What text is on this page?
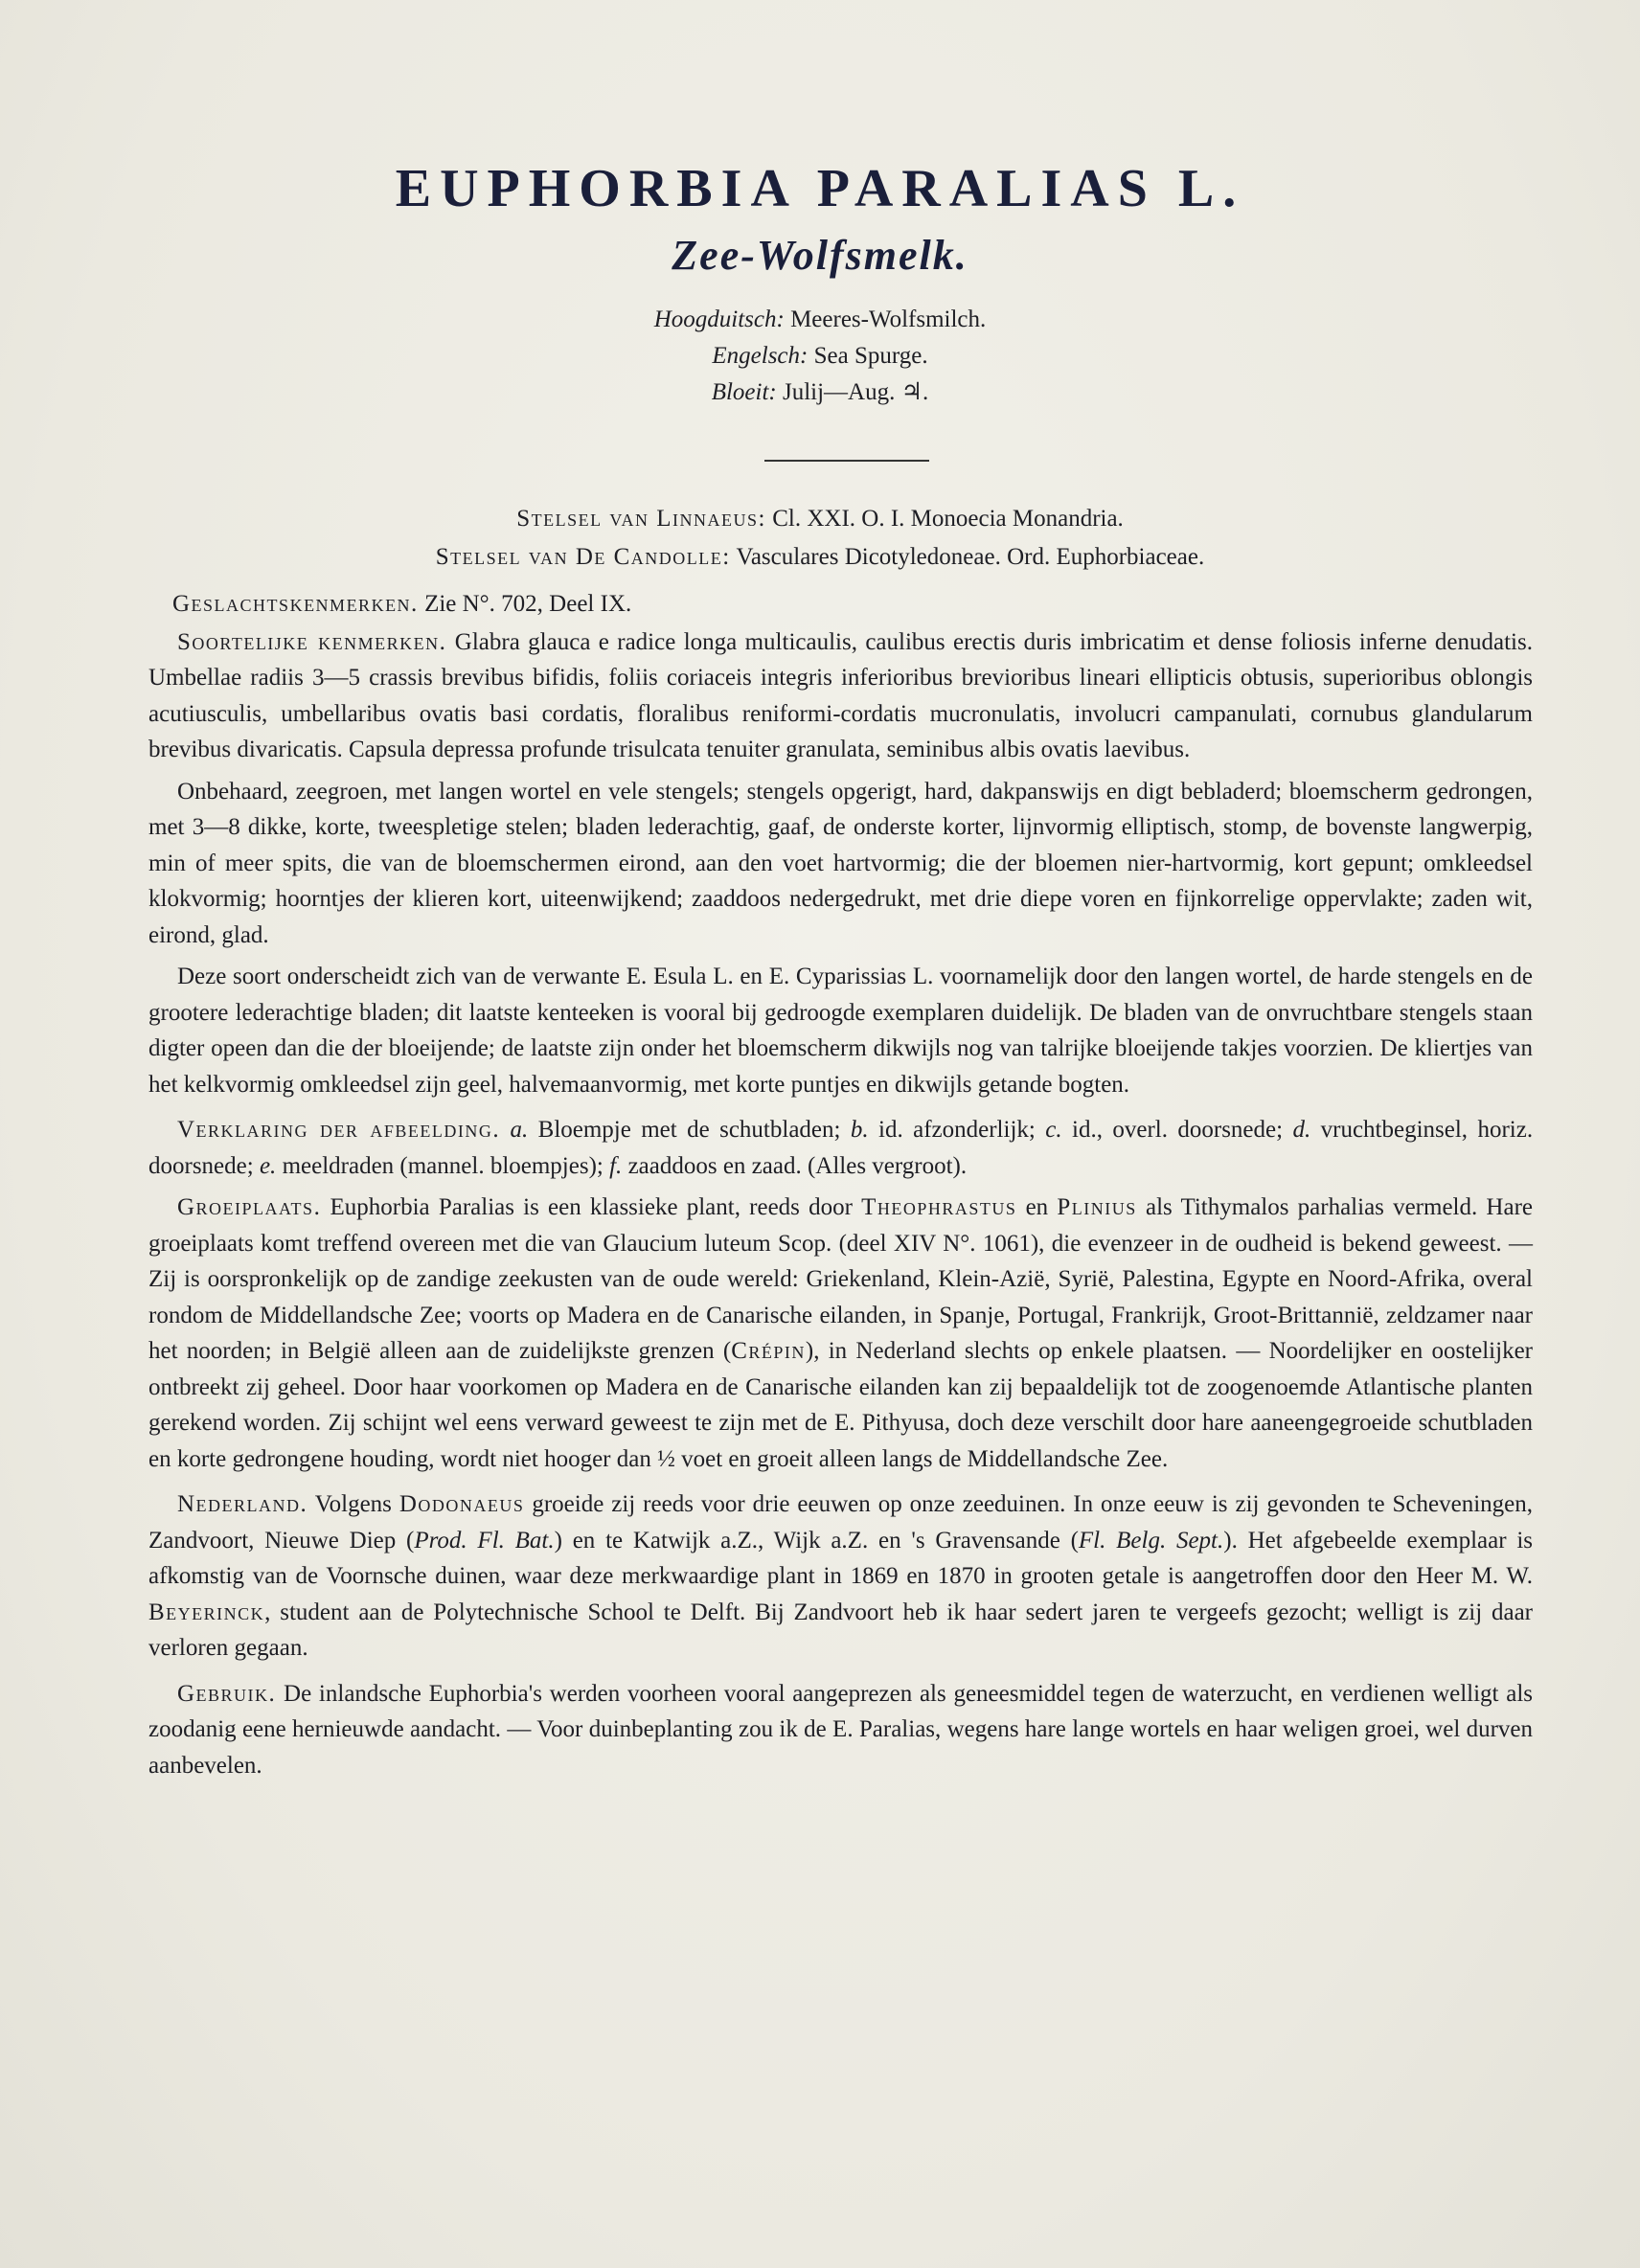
EUPHORBIA PARALIAS L.
Zee-Wolfsmelk.
Hoogduitsch: Meeres-Wolfsmilch.
Engelsch: Sea Spurge.
Bloeit: Julij—Aug. ♃.
Stelsel van Linnaeus: Cl. XXI. O. I. Monoecia Monandria.
Stelsel van De Candolle: Vasculares Dicotyledoneae. Ord. Euphorbiaceae.

Geslachtskenmerken. Zie N°. 702, Deel IX.

Soortelijke kenmerken. Glabra glauca e radice longa multicaulis, caulibus erectis duris imbricatim et dense foliosis inferne denudatis. Umbellae radiis 3—5 crassis brevibus bifidis, foliis coriaceis integris inferioribus brevioribus lineari ellipticis obtusis, superioribus oblongis acutiusculis, umbellaribus ovatis basi cordatis, floralibus reniformi-cordatis mucronulatis, involucri campanulati, cornubus glandularum brevibus divaricatis. Capsula depressa profunde trisulcata tenuiter granulata, seminibus albis ovatis laevibus.

Onbehaard, zeegroen, met langen wortel en vele stengels; stengels opgerigt, hard, dakpanswijs en digt bebladerd; bloemscherm gedrongen, met 3—8 dikke, korte, tweespletige stelen; bladen lederachtig, gaaf, de onderste korter, lijnvormig elliptisch, stomp, de bovenste langwerpig, min of meer spits, die van de bloemschermen eirond, aan den voet hartvormig; die der bloemen nier-hartvormig, kort gepunt; omkleedsel klokvormig; hoorntjes der klieren kort, uiteenwijkend; zaaddoos nedergedrukt, met drie diepe voren en fijnkorrelige oppervlakte; zaden wit, eirond, glad.

Deze soort onderscheidt zich van de verwante E. Esula L. en E. Cyparissias L. voornamelijk door den langen wortel, de harde stengels en de grootere lederachtige bladen; dit laatste kenteeken is vooral bij gedroogde exemplaren duidelijk. De bladen van de onvruchtbare stengels staan digter opeen dan die der bloeijende; de laatste zijn onder het bloemscherm dikwijls nog van talrijke bloeijende takjes voorzien. De kliertjes van het kelkvormig omkleedsel zijn geel, halvemaanvormig, met korte puntjes en dikwijls getande bogten.

Verklaring der afbeelding. a. Bloempje met de schutbladen; b. id. afzonderlijk; c. id., overl. doorsnede; d. vruchtbeginsel, horiz. doorsnede; e. meeldraden (mannel. bloempjes); f. zaaddoos en zaad. (Alles vergroot).

Groeiplaats. Euphorbia Paralias is een klassieke plant, reeds door Theophrastus en Plinius als Tithymalos parhalias vermeld. Hare groeiplaats komt treffend overeen met die van Glaucium luteum Scop. (deel XIV N°. 1061), die evenzeer in de oudheid is bekend geweest. — Zij is oorspronkelijk op de zandige zeekusten van de oude wereld: Griekenland, Klein-Azië, Syrië, Palestina, Egypte en Noord-Afrika, overal rondom de Middellandsche Zee; voorts op Madera en de Canarische eilanden, in Spanje, Portugal, Frankrijk, Groot-Brittannië, zeldzamer naar het noorden; in België alleen aan de zuidelijkste grenzen (Crépin), in Nederland slechts op enkele plaatsen. — Noordelijker en oostelijker ontbreekt zij geheel. Door haar voorkomen op Madera en de Canarische eilanden kan zij bepaaldelijk tot de zoogenoemde Atlantische planten gerekend worden. Zij schijnt wel eens verward geweest te zijn met de E. Pithyusa, doch deze verschilt door hare aaneengegroeide schutbladen en korte gedrongene houding, wordt niet hooger dan ½ voet en groeit alleen langs de Middellandsche Zee.

Nederland. Volgens Dodonaeus groeide zij reeds voor drie eeuwen op onze zeeduinen. In onze eeuw is zij gevonden te Scheveningen, Zandvoort, Nieuwe Diep (Prod. Fl. Bat.) en te Katwijk a.Z., Wijk a.Z. en 's Gravensande (Fl. Belg. Sept.). Het afgebeelde exemplaar is afkomstig van de Voornsche duinen, waar deze merkwaardige plant in 1869 en 1870 in grooten getale is aangetroffen door den Heer M. W. Beyerinck, student aan de Polytechnische School te Delft. Bij Zandvoort heb ik haar sedert jaren te vergeefs gezocht; welligt is zij daar verloren gegaan.

Gebruik. De inlandsche Euphorbia's werden voorheen vooral aangeprezen als geneesmiddel tegen de waterzucht, en verdienen welligt als zoodanig eene hernieuwde aandacht. — Voor duinbeplanting zou ik de E. Paralias, wegens hare lange wortels en haar weligen groei, wel durven aanbevelen.
